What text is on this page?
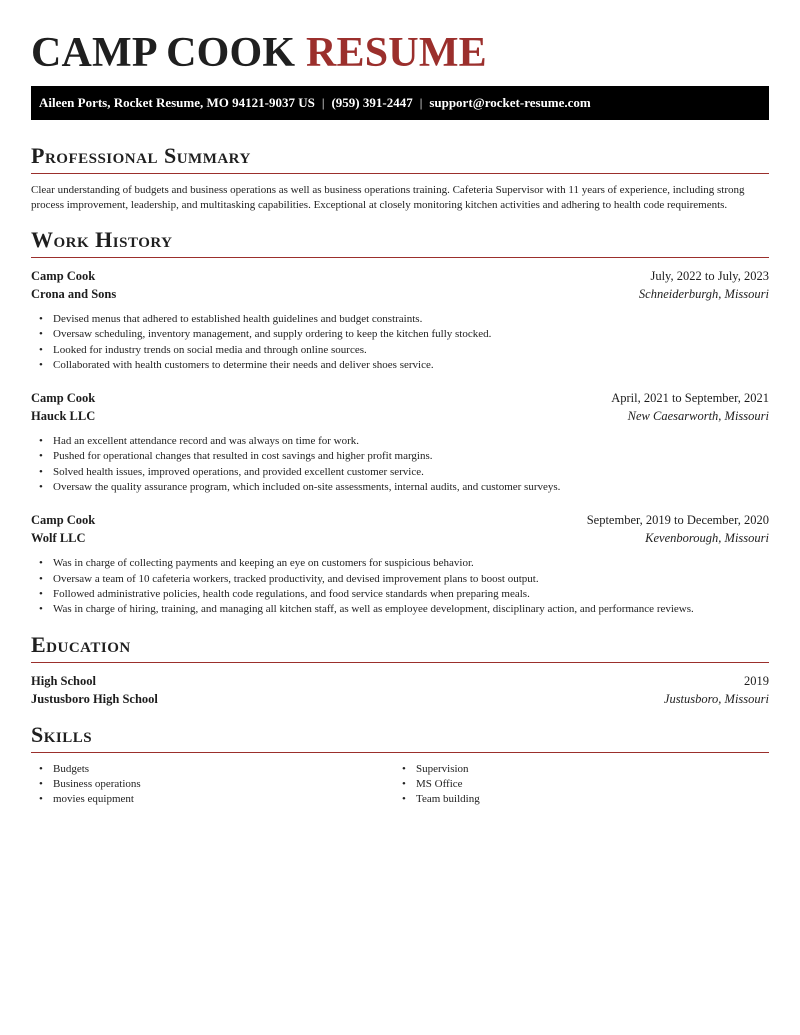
CAMP COOK RESUME
Aileen Ports, Rocket Resume, MO 94121-9037 US | (959) 391-2447 | support@rocket-resume.com
Professional Summary

Clear understanding of budgets and business operations as well as business operations training. Cafeteria Supervisor with 11 years of experience, including strong process improvement, leadership, and multitasking capabilities. Exceptional at closely monitoring kitchen activities and adhering to health code requirements.

Work History
Camp Cook	July, 2022 to July, 2023
Crona and Sons	Schneiderburgh, Missouri
• Devised menus that adhered to established health guidelines and budget constraints.
• Oversaw scheduling, inventory management, and supply ordering to keep the kitchen fully stocked.
• Looked for industry trends on social media and through online sources.
• Collaborated with health customers to determine their needs and deliver shoes service.
Camp Cook	April, 2021 to September, 2021
Hauck LLC	New Caesarworth, Missouri
• Had an excellent attendance record and was always on time for work.
• Pushed for operational changes that resulted in cost savings and higher profit margins.
• Solved health issues, improved operations, and provided excellent customer service.
• Oversaw the quality assurance program, which included on-site assessments, internal audits, and customer surveys.
Camp Cook	September, 2019 to December, 2020
Wolf LLC	Kevenborough, Missouri
• Was in charge of collecting payments and keeping an eye on customers for suspicious behavior.
• Oversaw a team of 10 cafeteria workers, tracked productivity, and devised improvement plans to boost output.
• Followed administrative policies, health code regulations, and food service standards when preparing meals.
• Was in charge of hiring, training, and managing all kitchen staff, as well as employee development, disciplinary action, and performance reviews.
Education
High School	2019
Justusboro High School	Justusboro, Missouri
Skills
• Budgets
• Business operations
• movies equipment
• Supervision
• MS Office
• Team building
